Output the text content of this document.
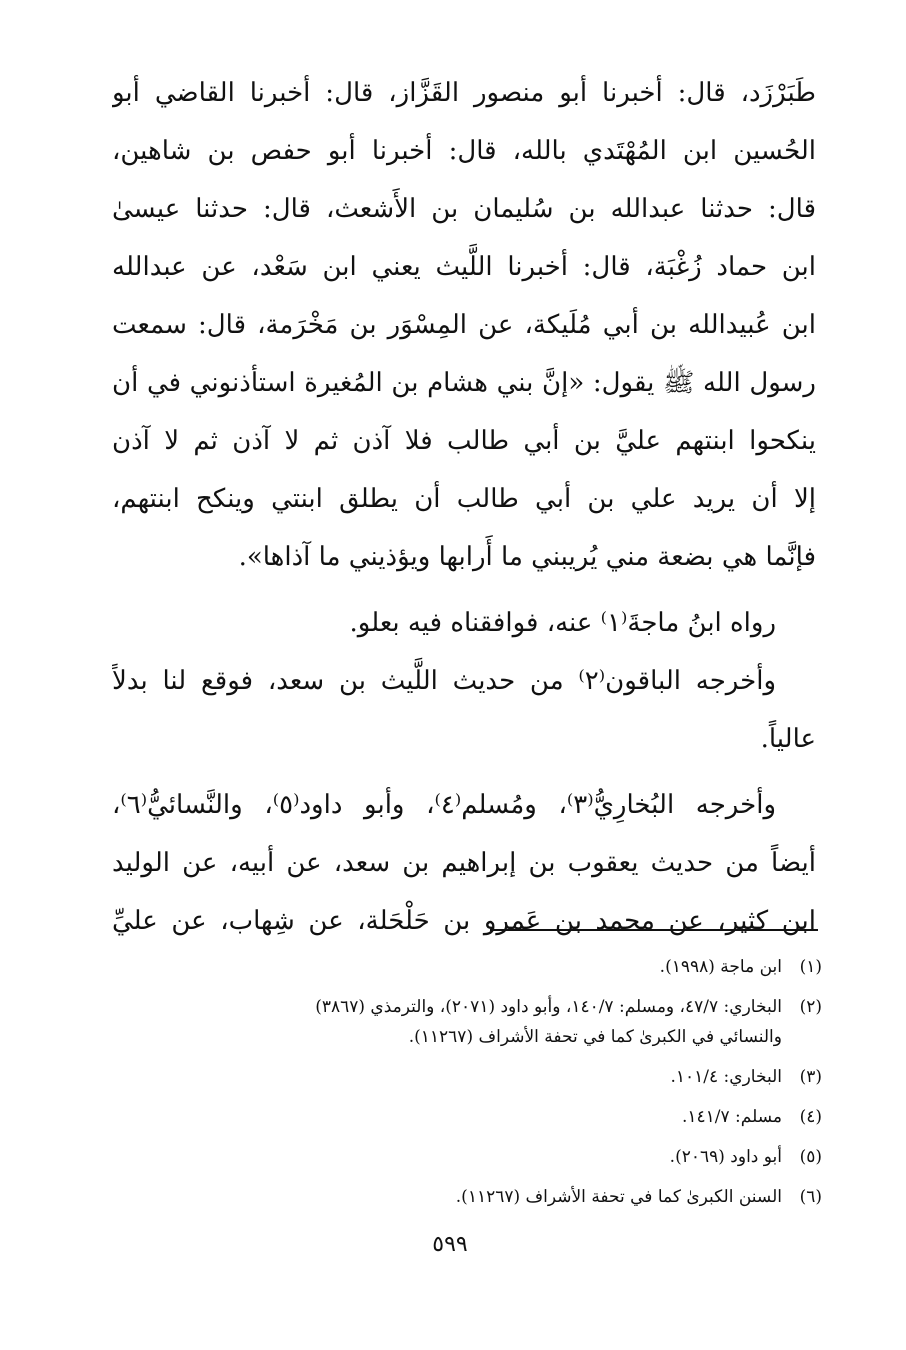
طَبَرْزَد، قال: أخبرنا أبو منصور القَزَّاز، قال: أخبرنا القاضي أبو
الحُسين ابن المُهْتَدي بالله، قال: أخبرنا أبو حفص بن شاهين،
قال: حدثنا عبدالله بن سُليمان بن الأَشعث، قال: حدثنا عيسىٰ
ابن حماد زُغْبَة، قال: أخبرنا اللَّيث يعني ابن سَعْد، عن عبدالله
ابن عُبيدالله بن أبي مُلَيكة، عن المِسْوَر بن مَخْرَمة، قال: سمعت
رسول الله ﷺ يقول: «إنَّ بني هشام بن المُغيرة استأذنوني في أن
ينكحوا ابنتهم عليَّ بن أبي طالب فلا آذن ثم لا آذن ثم لا آذن
إلا أن يريد علي بن أبي طالب أن يطلق ابنتي وينكح ابنتهم،
فإنَّما هي بضعة مني يُريبني ما أَرابها ويؤذيني ما آذاها».
رواه ابنُ ماجةَ⁽١⁾ عنه، فوافقناه فيه بعلو.
وأخرجه الباقون⁽٢⁾ من حديث اللَّيث بن سعد، فوقع لنا بدلاً
عالياً.
وأخرجه البُخارِيُّ⁽٣⁾، ومُسلم⁽٤⁾، وأبو داود⁽٥⁾، والنَّسائيُّ⁽٦⁾،
أيضاً من حديث يعقوب بن إبراهيم بن سعد، عن أبيه، عن الوليد
ابن كثير، عن محمد بن عَمرو بن حَلْحَلة، عن شِهاب، عن عليِّ
(١)
ابن ماجة (١٩٩٨).
(٢)
البخاري: ٤٧/٧، ومسلم: ١٤٠/٧، وأبو داود (٢٠٧١)، والترمذي (٣٨٦٧)
والنسائي في الكبرىٰ كما في تحفة الأشراف (١١٢٦٧).
(٣)
البخاري: ١٠١/٤.
(٤)
مسلم: ١٤١/٧.
(٥)
أبو داود (٢٠٦٩).
(٦)
السنن الكبرىٰ كما في تحفة الأشراف (١١٢٦٧).
٥٩٩
